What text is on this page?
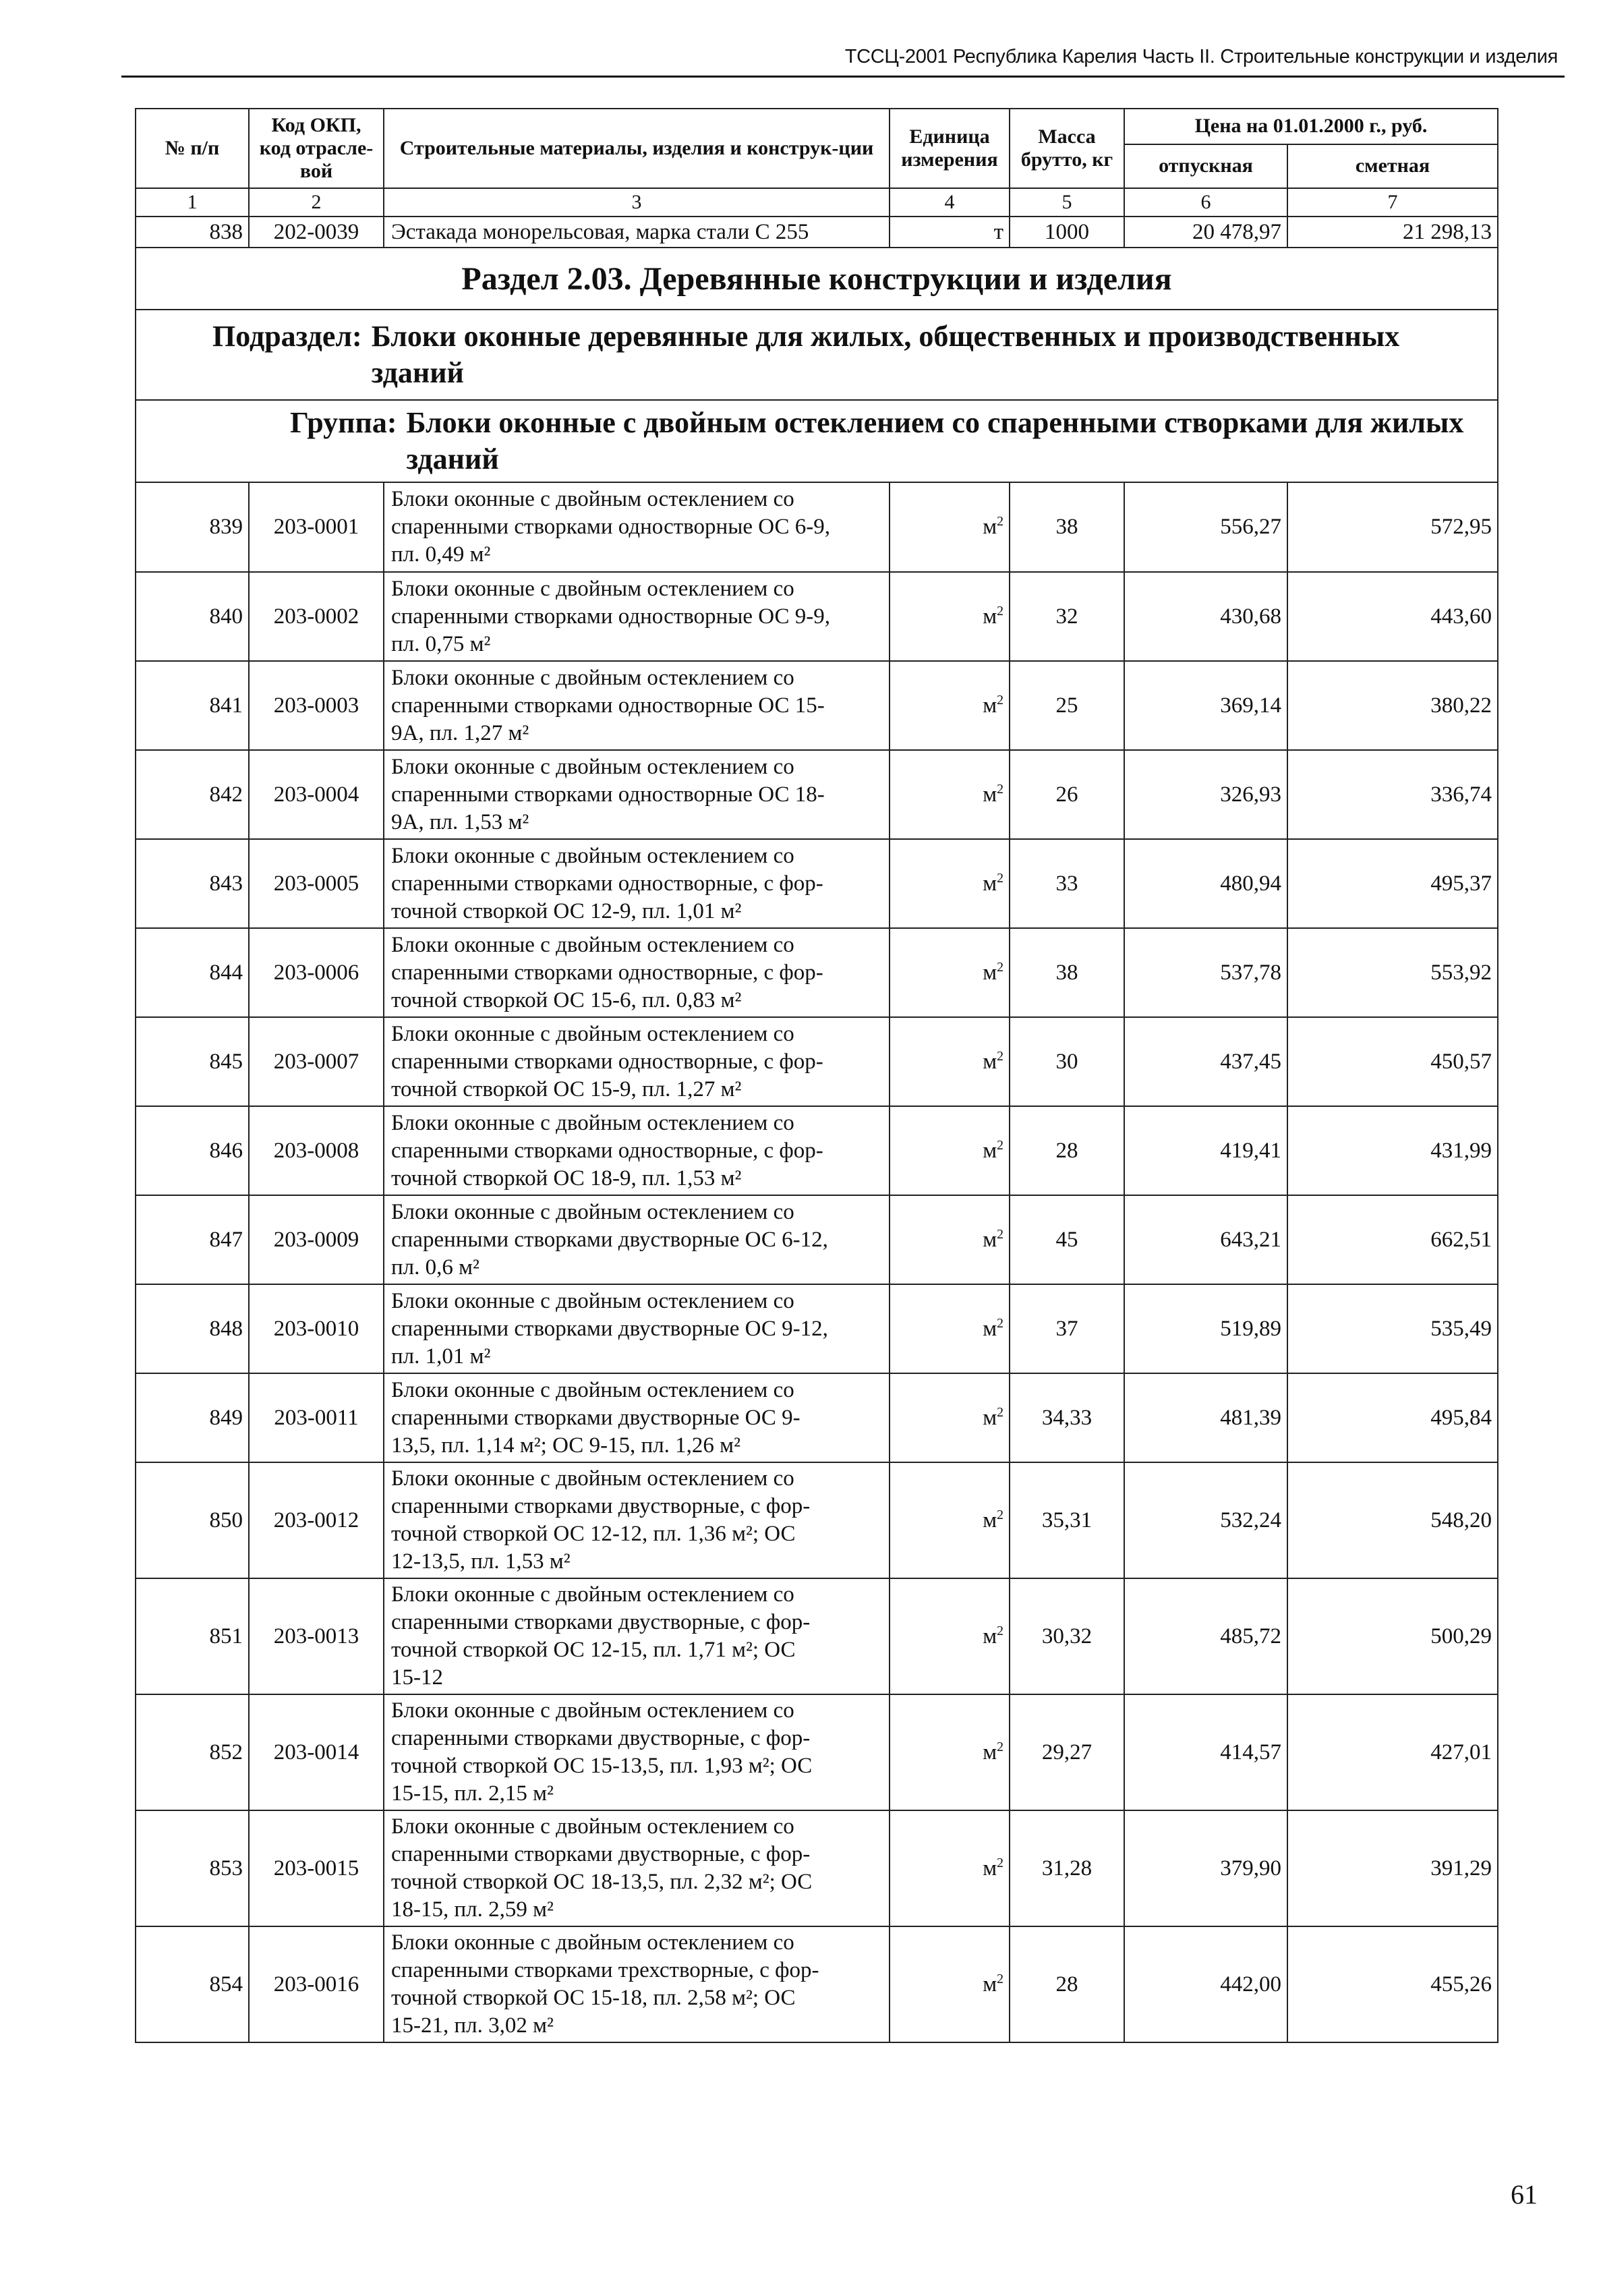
ТССЦ-2001 Республика Карелия Часть II. Строительные конструкции и изделия
№ п/п	Код ОКП, код отрасле-вой	Строительные материалы, изделия и конструк-ции	Единица измерения	Масса брутто, кг	Цена на 01.01.2000 г., руб.	
					отпускная	сметная
1	2	3	4	5	6	7
838	202-0039	Эстакада монорельсовая, марка стали С 255	т	1000	20 478,97	21 298,13
Раздел 2.03. Деревянные конструкции и изделия						

Подраздел: Блоки оконные деревянные для жилых, общественных и производственных зданий						

Группа: Блоки оконные с двойным остеклением со спаренными створками для жилых зданий						

839	203-0001	Блоки оконные с двойным остеклением со
спаренными створками одностворные ОС 6-9,
пл. 0,49 м²	$м^2$	38	556,27	572,95
840	203-0002	Блоки оконные с двойным остеклением со
спаренными створками одностворные ОС 9-9,
пл. 0,75 м²	$м^2$	32	430,68	443,60
841	203-0003	Блоки оконные с двойным остеклением со
спаренными створками одностворные ОС 15-
9А, пл. 1,27 м²	$м^2$	25	369,14	380,22
842	203-0004	Блоки оконные с двойным остеклением со
спаренными створками одностворные ОС 18-
9А, пл. 1,53 м²	$м^2$	26	326,93	336,74
843	203-0005	Блоки оконные с двойным остеклением со
спаренными створками одностворные, с фор-
точной створкой ОС 12-9, пл. 1,01 м²	$м^2$	33	480,94	495,37
844	203-0006	Блоки оконные с двойным остеклением со
спаренными створками одностворные, с фор-
точной створкой ОС 15-6, пл. 0,83 м²	$м^2$	38	537,78	553,92
845	203-0007	Блоки оконные с двойным остеклением со
спаренными створками одностворные, с фор-
точной створкой ОС 15-9, пл. 1,27 м²	$м^2$	30	437,45	450,57
846	203-0008	Блоки оконные с двойным остеклением со
спаренными створками одностворные, с фор-
точной створкой ОС 18-9, пл. 1,53 м²	$м^2$	28	419,41	431,99
847	203-0009	Блоки оконные с двойным остеклением со
спаренными створками двустворные ОС 6-12,
пл. 0,6 м²	$м^2$	45	643,21	662,51
848	203-0010	Блоки оконные с двойным остеклением со
спаренными створками двустворные ОС 9-12,
пл. 1,01 м²	$м^2$	37	519,89	535,49
849	203-0011	Блоки оконные с двойным остеклением со
спаренными створками двустворные ОС 9-
13,5, пл. 1,14 м²; ОС 9-15, пл. 1,26 м²	$м^2$	34,33	481,39	495,84
850	203-0012	Блоки оконные с двойным остеклением со
спаренными створками двустворные, с фор-
точной створкой ОС 12-12, пл. 1,36 м²; ОС
12-13,5, пл. 1,53 м²	$м^2$	35,31	532,24	548,20
851	203-0013	Блоки оконные с двойным остеклением со
спаренными створками двустворные, с фор-
точной створкой ОС 12-15, пл. 1,71 м²; ОС
15-12	$м^2$	30,32	485,72	500,29
852	203-0014	Блоки оконные с двойным остеклением со
спаренными створками двустворные, с фор-
точной створкой ОС 15-13,5, пл. 1,93 м²; ОС
15-15, пл. 2,15 м²	$м^2$	29,27	414,57	427,01
853	203-0015	Блоки оконные с двойным остеклением со
спаренными створками двустворные, с фор-
точной створкой ОС 18-13,5, пл. 2,32 м²; ОС
18-15, пл. 2,59 м²	$м^2$	31,28	379,90	391,29
854	203-0016	Блоки оконные с двойным остеклением со
спаренными створками трехстворные, с фор-
точной створкой ОС 15-18, пл. 2,58 м²; ОС
15-21, пл. 3,02 м²	$м^2$	28	442,00	455,26
61
